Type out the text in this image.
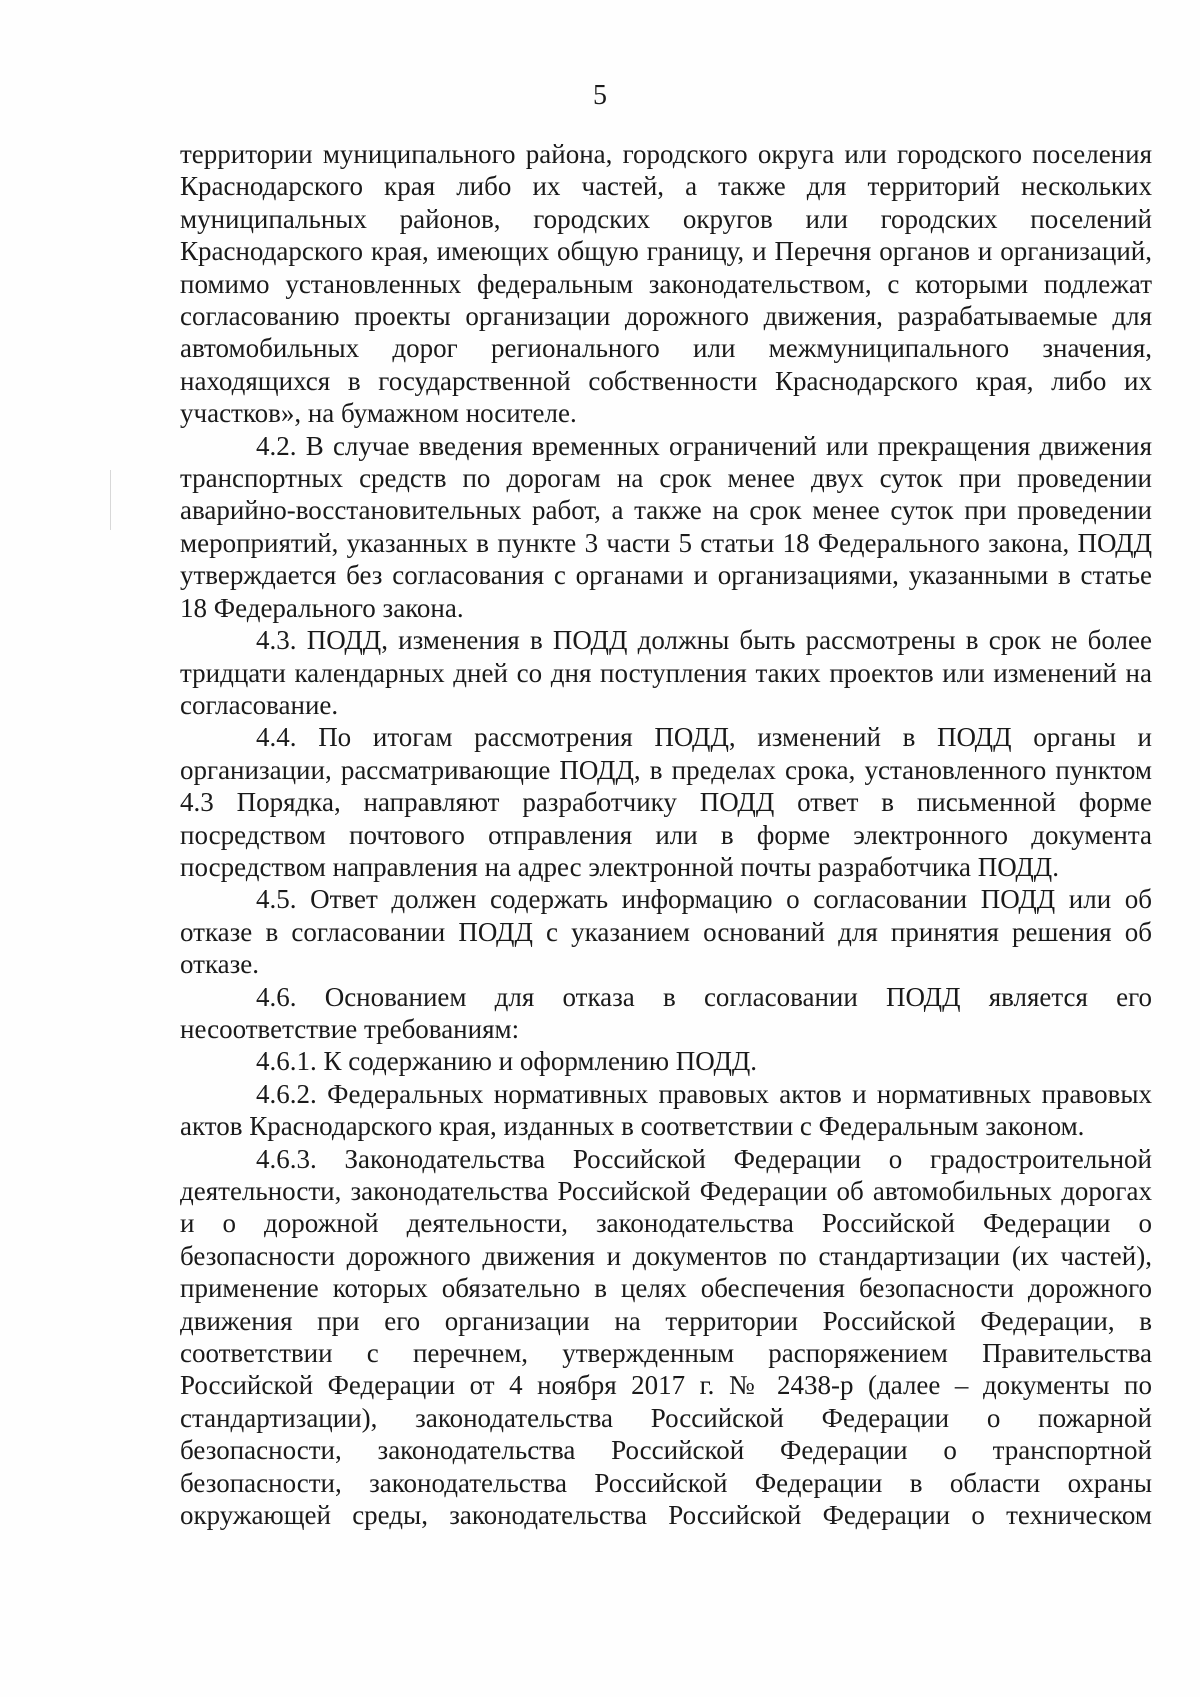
5

территории муниципального района, городского округа или городского поселения Краснодарского края либо их частей, а также для территорий нескольких муниципальных районов, городских округов или городских поселений Краснодарского края, имеющих общую границу, и Перечня органов и организаций, помимо установленных федеральным законодательством, с которыми подлежат согласованию проекты организации дорожного движения, разрабатываемые для автомобильных дорог регионального или межмуниципального значения, находящихся в государственной собственности Краснодарского края, либо их участков», на бумажном носителе.

4.2. В случае введения временных ограничений или прекращения движения транспортных средств по дорогам на срок менее двух суток при проведении аварийно-восстановительных работ, а также на срок менее суток при проведении мероприятий, указанных в пункте 3 части 5 статьи 18 Федерального закона, ПОДД утверждается без согласования с органами и организациями, указанными в статье 18 Федерального закона.

4.3. ПОДД, изменения в ПОДД должны быть рассмотрены в срок не более тридцати календарных дней со дня поступления таких проектов или изменений на согласование.

4.4. По итогам рассмотрения ПОДД, изменений в ПОДД органы и организации, рассматривающие ПОДД, в пределах срока, установленного пунктом 4.3 Порядка, направляют разработчику ПОДД ответ в письменной форме посредством почтового отправления или в форме электронного документа посредством направления на адрес электронной почты разработчика ПОДД.

4.5. Ответ должен содержать информацию о согласовании ПОДД или об отказе в согласовании ПОДД с указанием оснований для принятия решения об отказе.

4.6. Основанием для отказа в согласовании ПОДД является его несоответствие требованиям:

4.6.1. К содержанию и оформлению ПОДД.

4.6.2. Федеральных нормативных правовых актов и нормативных правовых актов Краснодарского края, изданных в соответствии с Федеральным законом.

4.6.3. Законодательства Российской Федерации о градостроительной деятельности, законодательства Российской Федерации об автомобильных дорогах и о дорожной деятельности, законодательства Российской Федерации о безопасности дорожного движения и документов по стандартизации (их частей), применение которых обязательно в целях обеспечения безопасности дорожного движения при его организации на территории Российской Федерации, в соответствии с перечнем, утвержденным распоряжением Правительства Российской Федерации от 4 ноября 2017 г. № 2438-р (далее – документы по стандартизации), законодательства Российской Федерации о пожарной безопасности, законодательства Российской Федерации о транспортной безопасности, законодательства Российской Федерации в области охраны окружающей среды, законодательства Российской Федерации о техническом
